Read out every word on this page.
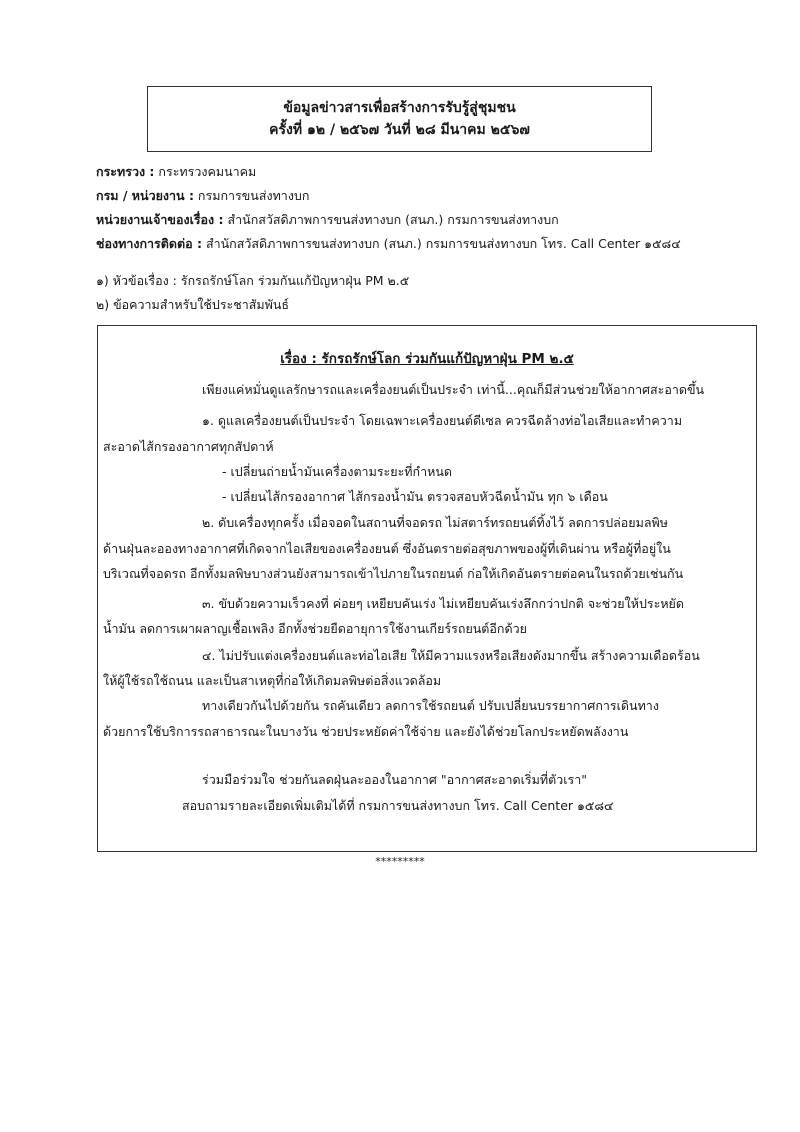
ข้อมูลข่าวสารเพื่อสร้างการรับรู้สู่ชุมชน
ครั้งที่ ๑๒ / ๒๕๖๗ วันที่ ๒๘ มีนาคม ๒๕๖๗
กระทรวง : กระทรวงคมนาคม
กรม / หน่วยงาน : กรมการขนส่งทางบก
หน่วยงานเจ้าของเรื่อง : สำนักสวัสดิภาพการขนส่งทางบก (สนภ.) กรมการขนส่งทางบก
ช่องทางการติดต่อ : สำนักสวัสดิภาพการขนส่งทางบก (สนภ.) กรมการขนส่งทางบก โทร. Call Center ๑๕๘๔
๑) หัวข้อเรื่อง : รักรถรักษ์โลก ร่วมกันแก้ปัญหาฝุ่น PM ๒.๕
๒) ข้อความสำหรับใช้ประชาสัมพันธ์
เรื่อง : รักรถรักษ์โลก ร่วมกันแก้ปัญหาฝุ่น PM ๒.๕
เพียงแค่หมั่นดูแลรักษารถและเครื่องยนต์เป็นประจำ เท่านี้...คุณก็มีส่วนช่วยให้อากาศสะอาดขึ้น
๑. ดูแลเครื่องยนต์เป็นประจำ โดยเฉพาะเครื่องยนต์ดีเซล ควรฉีดล้างท่อไอเสียและทำความ
สะอาดไส้กรองอากาศทุกสัปดาห์
- เปลี่ยนถ่ายน้ำมันเครื่องตามระยะที่กำหนด
- เปลี่ยนไส้กรองอากาศ ไส้กรองน้ำมัน ตรวจสอบหัวฉีดน้ำมัน ทุก ๖ เดือน
๒. ดับเครื่องทุกครั้ง เมื่อจอดในสถานที่จอดรถ ไม่สตาร์ทรถยนต์ทิ้งไว้ ลดการปล่อยมลพิษ
ด้านฝุ่นละอองทางอากาศที่เกิดจากไอเสียของเครื่องยนต์ ซึ่งอันตรายต่อสุขภาพของผู้ที่เดินผ่าน หรือผู้ที่อยู่ใน
บริเวณที่จอดรถ อีกทั้งมลพิษบางส่วนยังสามารถเข้าไปภายในรถยนต์ ก่อให้เกิดอันตรายต่อคนในรถด้วยเช่นกัน
๓. ขับด้วยความเร็วคงที่ ค่อยๆ เหยียบคันเร่ง ไม่เหยียบคันเร่งลึกกว่าปกติ จะช่วยให้ประหยัด
น้ำมัน ลดการเผาผลาญเชื้อเพลิง อีกทั้งช่วยยืดอายุการใช้งานเกียร์รถยนต์อีกด้วย
๔. ไม่ปรับแต่งเครื่องยนต์และท่อไอเสีย ให้มีความแรงหรือเสียงดังมากขึ้น สร้างความเดือดร้อน
ให้ผู้ใช้รถใช้ถนน และเป็นสาเหตุที่ก่อให้เกิดมลพิษต่อสิ่งแวดล้อม
ทางเดียวกันไปด้วยกัน รถคันเดียว ลดการใช้รถยนต์ ปรับเปลี่ยนบรรยากาศการเดินทาง
ด้วยการใช้บริการรถสาธารณะในบางวัน ช่วยประหยัดค่าใช้จ่าย และยังได้ช่วยโลกประหยัดพลังงาน
ร่วมมือร่วมใจ ช่วยกันลดฝุ่นละอองในอากาศ "อากาศสะอาดเริ่มที่ตัวเรา"
สอบถามรายละเอียดเพิ่มเติมได้ที่ กรมการขนส่งทางบก โทร. Call Center ๑๕๘๔
*********
